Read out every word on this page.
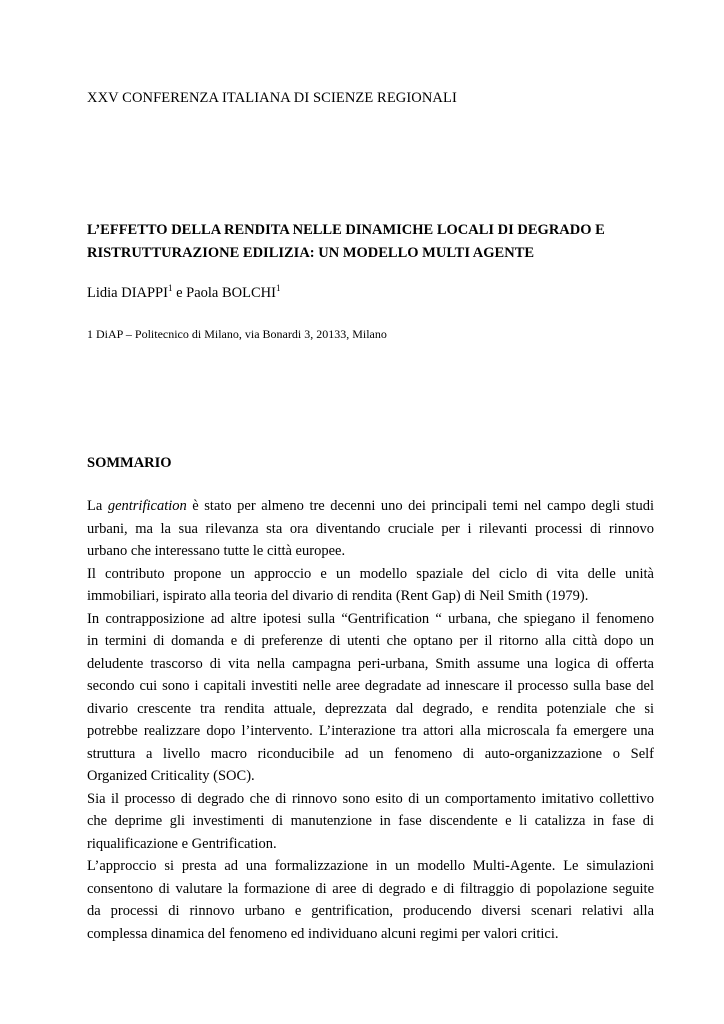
XXV CONFERENZA ITALIANA DI SCIENZE REGIONALI
L’EFFETTO DELLA RENDITA NELLE DINAMICHE LOCALI DI DEGRADO E
RISTRUTTURAZIONE EDILIZIA: UN MODELLO MULTI AGENTE
Lidia DIAPPI$^1$ e Paola BOLCHI$^1$
1 DiAP – Politecnico di Milano, via Bonardi 3, 20133, Milano
SOMMARIO
La gentrification è stato per almeno tre decenni uno dei principali temi nel campo degli studi
urbani, ma la sua rilevanza sta ora diventando cruciale per i rilevanti processi di rinnovo
urbano che interessano tutte le città europee.
Il contributo propone un approccio e un modello spaziale del ciclo di vita delle unità
immobiliari, ispirato alla teoria del divario di rendita (Rent Gap) di Neil Smith (1979).
In contrapposizione ad altre ipotesi sulla “Gentrification “ urbana, che spiegano il fenomeno
in termini di domanda e di preferenze di utenti che optano per il ritorno alla città dopo un
deludente trascorso di vita nella campagna peri-urbana, Smith assume una logica di offerta
secondo cui sono i capitali investiti nelle aree degradate ad innescare il processo sulla base del
divario crescente tra rendita attuale, deprezzata dal degrado, e rendita potenziale che si
potrebbe realizzare dopo l’intervento. L’interazione tra attori alla microscala fa emergere una
struttura a livello macro riconducibile ad un fenomeno di auto-organizzazione o Self
Organized Criticality (SOC).
Sia il processo di degrado che di rinnovo sono esito di un comportamento imitativo collettivo
che deprime gli investimenti di manutenzione in fase discendente e li catalizza in fase di
riqualificazione e Gentrification.
L’approccio si presta ad una formalizzazione in un modello Multi-Agente. Le simulazioni
consentono di valutare la formazione di aree di degrado e di filtraggio di popolazione seguite
da processi di rinnovo urbano e gentrification, producendo diversi scenari relativi alla
complessa dinamica del fenomeno ed individuano alcuni regimi per valori critici.
